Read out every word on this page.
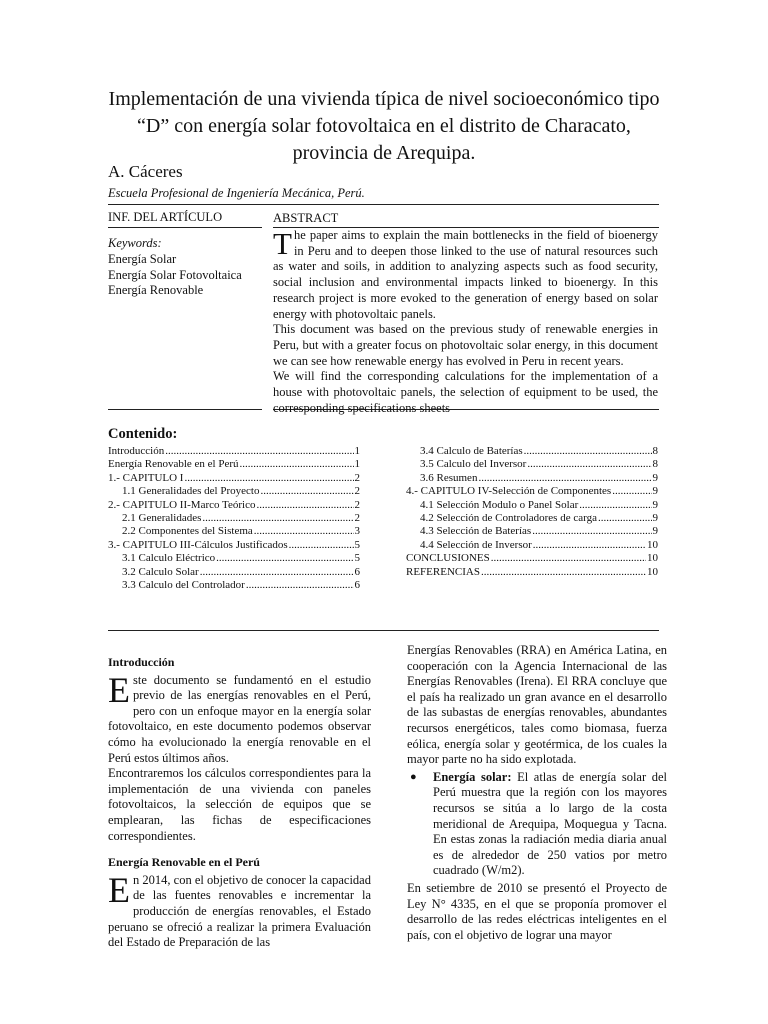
Implementación de una vivienda típica de nivel socioeconómico tipo “D” con energía solar fotovoltaica en el distrito de Characato, provincia de Arequipa.
A. Cáceres
Escuela Profesional de Ingeniería Mecánica, Perú.
INF. DEL ARTÍCULO	ABSTRACT
Keywords:
Energía Solar
Energía Solar Fotovoltaica
Energía Renovable

The paper aims to explain the main bottlenecks in the field of bioenergy in Peru and to deepen those linked to the use of natural resources such as water and soils, in addition to analyzing aspects such as food security, social inclusion and environmental impacts linked to bioenergy. In this research project is more evoked to the generation of energy based on solar energy with photovoltaic panels.

This document was based on the previous study of renewable energies in Peru, but with a greater focus on photovoltaic solar energy, in this document we can see how renewable energy has evolved in Peru in recent years.

We will find the corresponding calculations for the implementation of a house with photovoltaic panels, the selection of equipment to be used, the corresponding specifications sheets

Contenido:
Introducción .....	1
Energía Renovable en el Perú .....	1
1.- CAPITULO I .....	2
1.1 Generalidades del Proyecto .....	2
2.- CAPITULO II-Marco Teórico .....	2
2.1 Generalidades .....	2
2.2 Componentes del Sistema .....	3
3.- CAPITULO III-Cálculos Justificados .....	5
3.1 Calculo Eléctrico .....	5
3.2 Calculo Solar .....	6
3.3 Calculo del Controlador .....	6
3.4 Calculo de Baterías .....	8
3.5 Calculo del Inversor .....	8
3.6 Resumen .....	9
4.- CAPITULO IV-Selección de Componentes .....	9
4.1 Selección Modulo o Panel Solar .....	9
4.2 Selección de Controladores de carga .....	9
4.3 Selección de Baterías .....	9
4.4 Selección de Inversor .....	10
CONCLUSIONES .....	10
REFERENCIAS .....	10
Introducción

Este documento se fundamentó en el estudio previo de las energías renovables en el Perú, pero con un enfoque mayor en la energía solar fotovoltaico, en este documento podemos observar cómo ha evolucionado la energía renovable en el Perú estos últimos años.

Encontraremos los cálculos correspondientes para la implementación de una vivienda con paneles fotovoltaicos, la selección de equipos que se emplearan, las fichas de especificaciones correspondientes.

Energía Renovable en el Perú

En 2014, con el objetivo de conocer la capacidad de las fuentes renovables e incrementar la producción de energías renovables, el Estado peruano se ofreció a realizar la primera Evaluación del Estado de Preparación de las

Energías Renovables (RRA) en América Latina, en cooperación con la Agencia Internacional de las Energías Renovables (Irena). El RRA concluye que el país ha realizado un gran avance en el desarrollo de las subastas de energías renovables, abundantes recursos energéticos, tales como biomasa, fuerza eólica, energía solar y geotérmica, de los cuales la mayor parte no ha sido explotada.

● Energía solar: El atlas de energía solar del Perú muestra que la región con los mayores recursos se sitúa a lo largo de la costa meridional de Arequipa, Moquegua y Tacna. En estas zonas la radiación media diaria anual es de alrededor de 250 vatios por metro cuadrado (W/m2).

En setiembre de 2010 se presentó el Proyecto de Ley N° 4335, en el que se proponía promover el desarrollo de las redes eléctricas inteligentes en el país, con el objetivo de lograr una mayor
